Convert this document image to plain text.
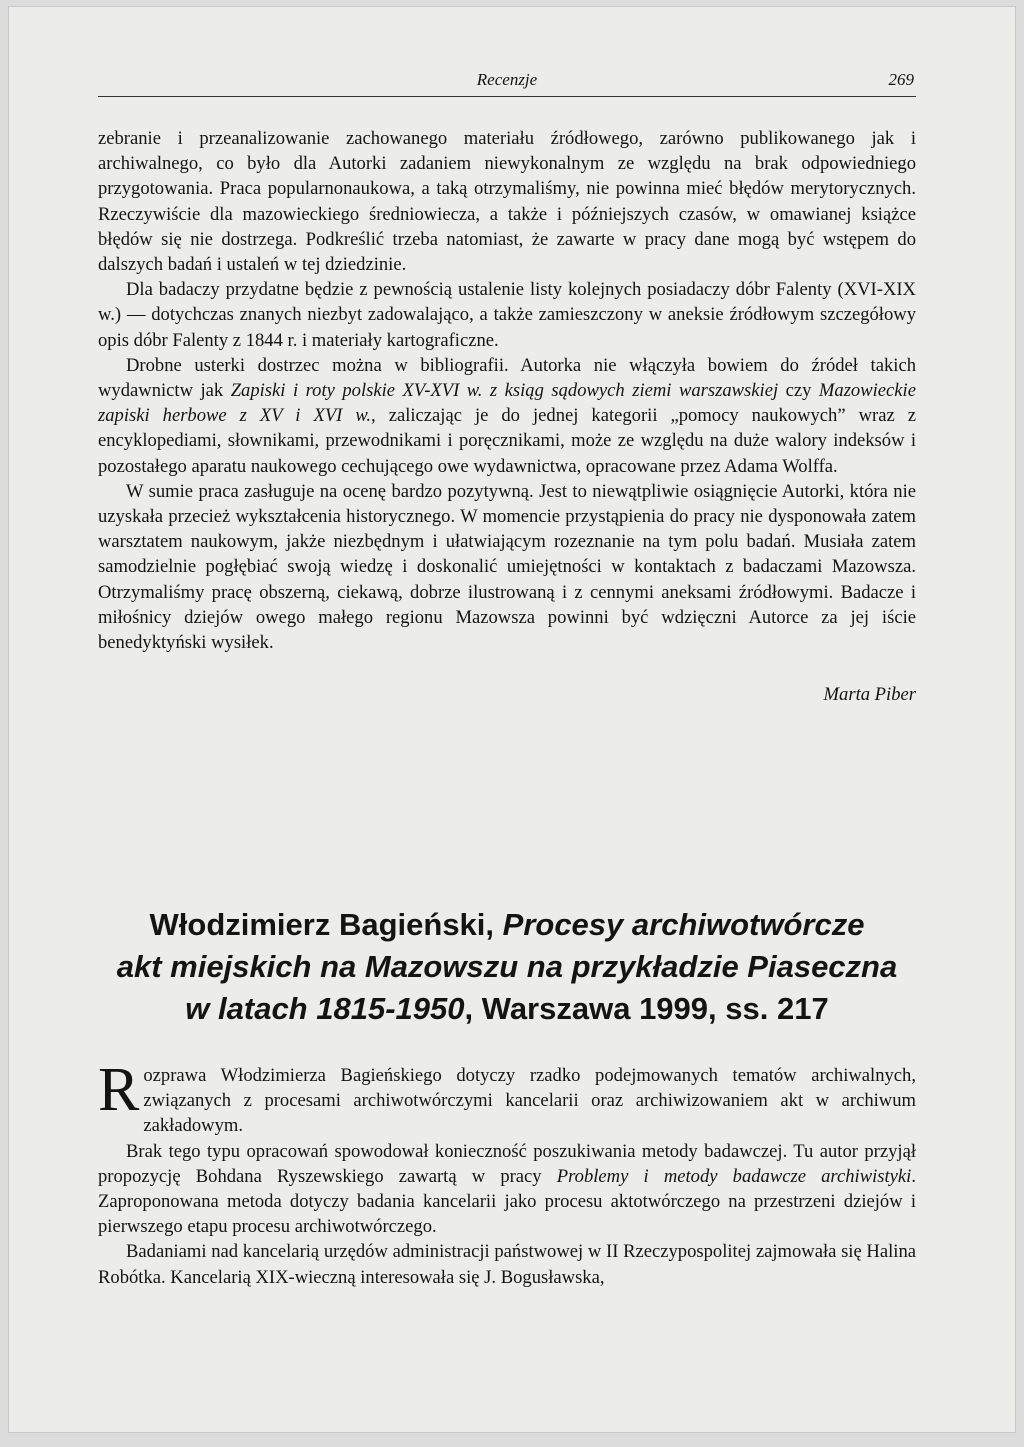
Recenzje	269

zebranie i przeanalizowanie zachowanego materiału źródłowego, zarówno publikowanego jak i archiwalnego, co było dla Autorki zadaniem niewykonalnym ze względu na brak odpowiedniego przygotowania. Praca popularnonaukowa, a taką otrzymaliśmy, nie powinna mieć błędów merytorycznych. Rzeczywiście dla mazowieckiego średniowiecza, a także i późniejszych czasów, w omawianej książce błędów się nie dostrzega. Podkreślić trzeba natomiast, że zawarte w pracy dane mogą być wstępem do dalszych badań i ustaleń w tej dziedzinie.

Dla badaczy przydatne będzie z pewnością ustalenie listy kolejnych posiadaczy dóbr Falenty (XVI-XIX w.) — dotychczas znanych niezbyt zadowalająco, a także zamieszczony w aneksie źródłowym szczegółowy opis dóbr Falenty z 1844 r. i materiały kartograficzne.

Drobne usterki dostrzec można w bibliografii. Autorka nie włączyła bowiem do źródeł takich wydawnictw jak Zapiski i roty polskie XV-XVI w. z ksiąg sądowych ziemi warszawskiej czy Mazowieckie zapiski herbowe z XV i XVI w., zaliczając je do jednej kategorii „pomocy naukowych” wraz z encyklopediami, słownikami, przewodnikami i poręcznikami, może ze względu na duże walory indeksów i pozostałego aparatu naukowego cechującego owe wydawnictwa, opracowane przez Adama Wolffa.

W sumie praca zasługuje na ocenę bardzo pozytywną. Jest to niewątpliwie osiągnięcie Autorki, która nie uzyskała przecież wykształcenia historycznego. W momencie przystąpienia do pracy nie dysponowała zatem warsztatem naukowym, jakże niezbędnym i ułatwiającym rozeznanie na tym polu badań. Musiała zatem samodzielnie pogłębiać swoją wiedzę i doskonalić umiejętności w kontaktach z badaczami Mazowsza. Otrzymaliśmy pracę obszerną, ciekawą, dobrze ilustrowaną i z cennymi aneksami źródłowymi. Badacze i miłośnicy dziejów owego małego regionu Mazowsza powinni być wdzięczni Autorce za jej iście benedyktyński wysiłek.

Marta Piber

Włodzimierz Bagieński, Procesy archiwotwórcze
akt miejskich na Mazowszu na przykładzie Piaseczna
w latach 1815-1950, Warszawa 1999, ss. 217

Rozprawa Włodzimierza Bagieńskiego dotyczy rzadko podejmowanych tematów archiwalnych, związanych z procesami archiwotwórczymi kancelarii oraz archiwizowaniem akt w archiwum zakładowym.

Brak tego typu opracowań spowodował konieczność poszukiwania metody badawczej. Tu autor przyjął propozycję Bohdana Ryszewskiego zawartą w pracy Problemy i metody badawcze archiwistyki. Zaproponowana metoda dotyczy badania kancelarii jako procesu aktotwórczego na przestrzeni dziejów i pierwszego etapu procesu archiwotwórczego.

Badaniami nad kancelarią urzędów administracji państwowej w II Rzeczypospolitej zajmowała się Halina Robótka. Kancelarią XIX-wieczną interesowała się J. Bogusławska,
